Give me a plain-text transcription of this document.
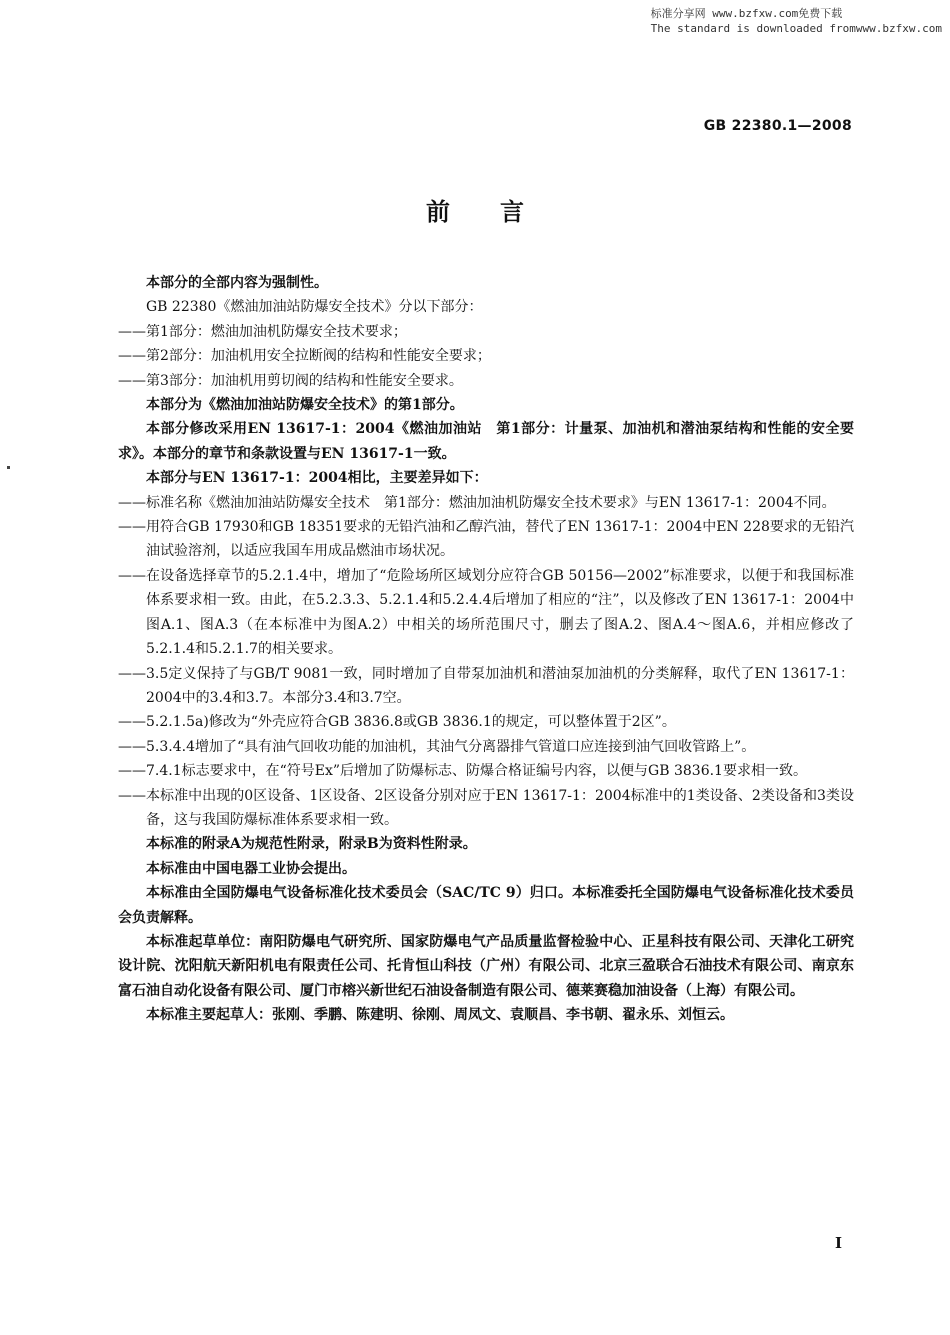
标准分享网 www.bzfxw.com免费下载
The standard is downloaded fromwww.bzfxw.com
GB 22380.1—2008
前言

本部分的全部内容为强制性。

GB 22380《燃油加油站防爆安全技术》分以下部分：

—— 第1部分：燃油加油机防爆安全技术要求；

—— 第2部分：加油机用安全拉断阀的结构和性能安全要求；

—— 第3部分：加油机用剪切阀的结构和性能安全要求。

本部分为《燃油加油站防爆安全技术》的第1部分。

本部分修改采用EN 13617-1：2004《燃油加油站　第1部分：计量泵、加油机和潜油泵结构和性能的安全要求》。本部分的章节和条款设置与EN 13617-1一致。

本部分与EN 13617-1：2004相比，主要差异如下：

—— 标准名称《燃油加油站防爆安全技术　第1部分：燃油加油机防爆安全技术要求》与EN 13617-1：2004不同。

—— 用符合GB 17930和GB 18351要求的无铅汽油和乙醇汽油，替代了EN 13617-1：2004中EN 228要求的无铅汽油试验溶剂，以适应我国车用成品燃油市场状况。

—— 在设备选择章节的5.2.1.4中，增加了“危险场所区域划分应符合GB 50156—2002”标准要求，以便于和我国标准体系要求相一致。由此，在5.2.3.3、5.2.1.4和5.2.4.4后增加了相应的“注”，以及修改了EN 13617-1：2004中图A.1、图A.3（在本标准中为图A.2）中相关的场所范围尺寸，删去了图A.2、图A.4～图A.6，并相应修改了5.2.1.4和5.2.1.7的相关要求。

—— 3.5定义保持了与GB/T 9081一致，同时增加了自带泵加油机和潜油泵加油机的分类解释，取代了EN 13617-1：2004中的3.4和3.7。本部分3.4和3.7空。

—— 5.2.1.5a)修改为“外壳应符合GB 3836.8或GB 3836.1的规定，可以整体置于2区”。

—— 5.3.4.4增加了“具有油气回收功能的加油机，其油气分离器排气管道口应连接到油气回收管路上”。

—— 7.4.1标志要求中，在“符号Ex”后增加了防爆标志、防爆合格证编号内容，以便与GB 3836.1要求相一致。

—— 本标准中出现的0区设备、1区设备、2区设备分别对应于EN 13617-1：2004标准中的1类设备、2类设备和3类设备，这与我国防爆标准体系要求相一致。

本标准的附录A为规范性附录，附录B为资料性附录。

本标准由中国电器工业协会提出。

本标准由全国防爆电气设备标准化技术委员会（SAC/TC 9）归口。本标准委托全国防爆电气设备标准化技术委员会负责解释。

本标准起草单位：南阳防爆电气研究所、国家防爆电气产品质量监督检验中心、正星科技有限公司、天津化工研究设计院、沈阳航天新阳机电有限责任公司、托肯恒山科技（广州）有限公司、北京三盈联合石油技术有限公司、南京东富石油自动化设备有限公司、厦门市榕兴新世纪石油设备制造有限公司、德莱赛稳加油设备（上海）有限公司。

本标准主要起草人：张刚、季鹏、陈建明、徐刚、周凤文、袁顺昌、李书朝、翟永乐、刘恒云。

I
